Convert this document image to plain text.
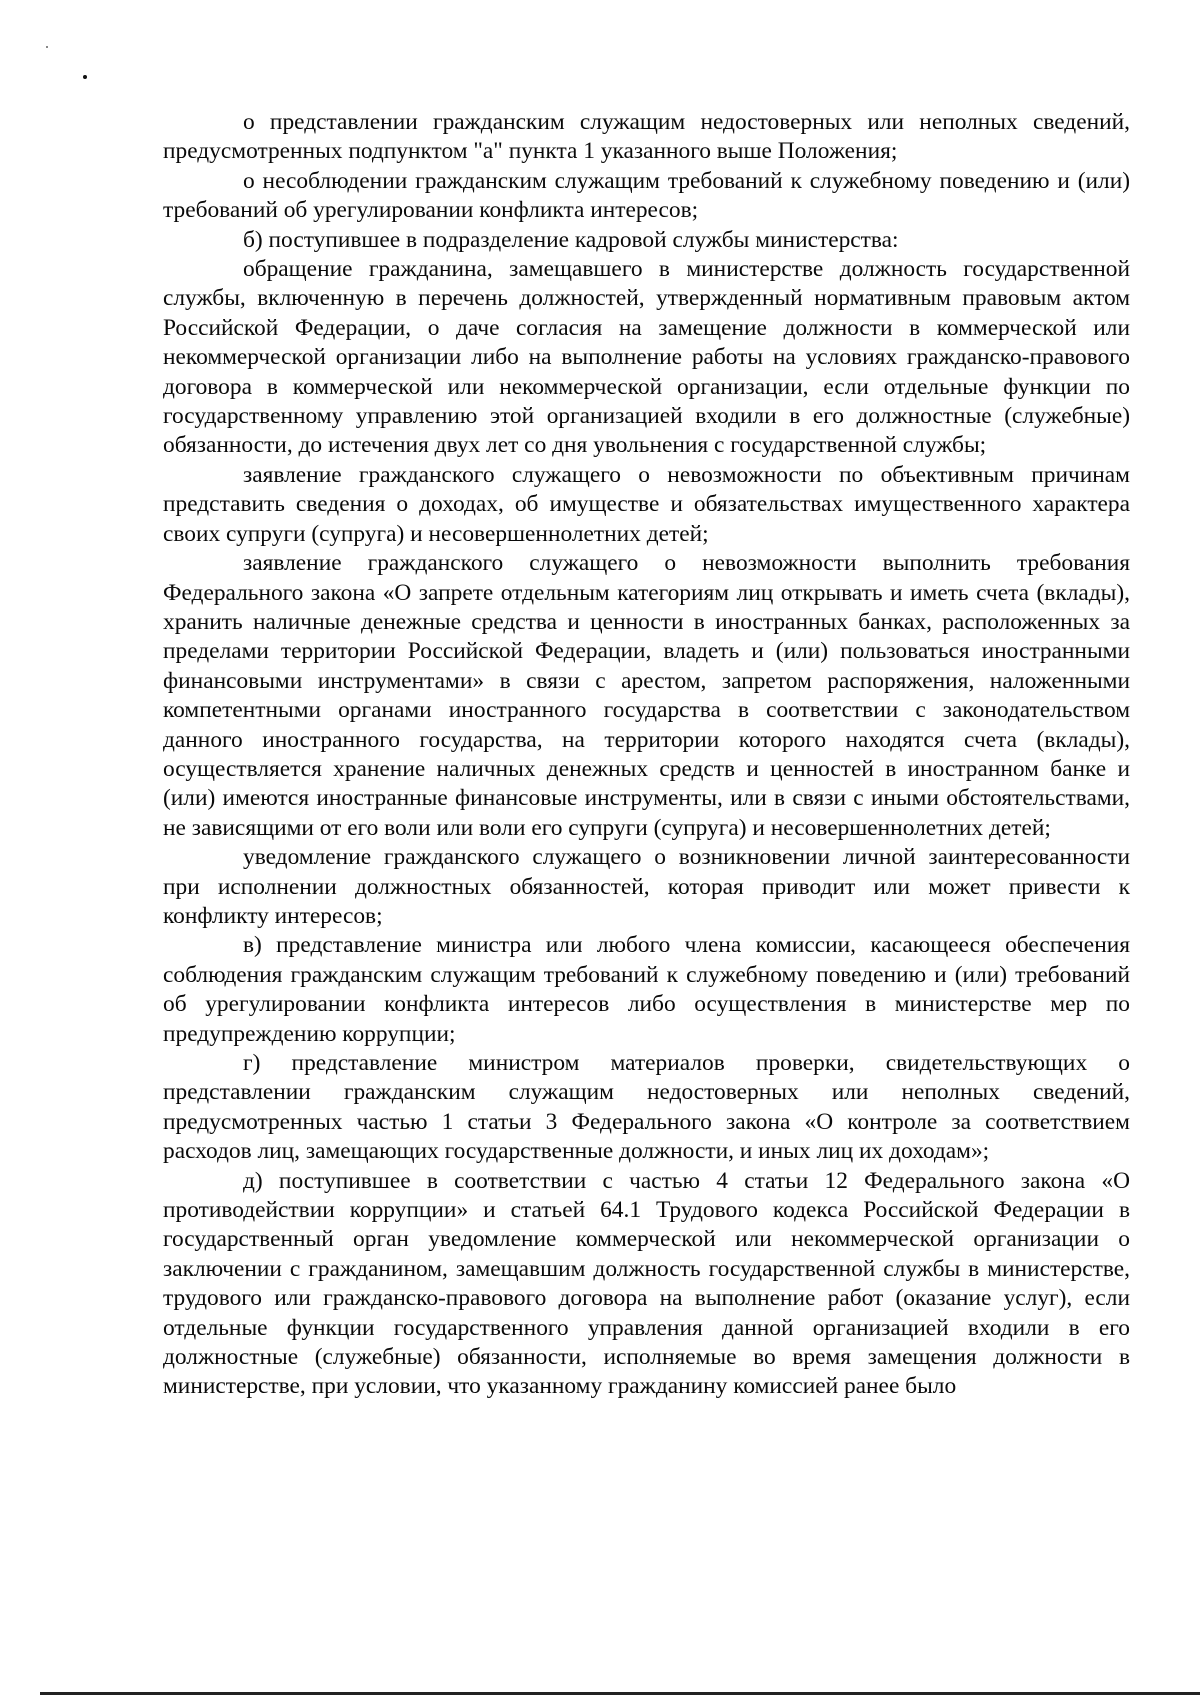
о представлении гражданским служащим недостоверных или неполных сведений, предусмотренных подпунктом "а" пункта 1 указанного выше Положения;

о несоблюдении гражданским служащим требований к служебному поведению и (или) требований об урегулировании конфликта интересов;

б) поступившее в подразделение кадровой службы министерства:

обращение гражданина, замещавшего в министерстве должность государственной службы, включенную в перечень должностей, утвержденный нормативным правовым актом Российской Федерации, о даче согласия на замещение должности в коммерческой или некоммерческой организации либо на выполнение работы на условиях гражданско-правового договора в коммерческой или некоммерческой организации, если отдельные функции по государственному управлению этой организацией входили в его должностные (служебные) обязанности, до истечения двух лет со дня увольнения с государственной службы;

заявление гражданского служащего о невозможности по объективным причинам представить сведения о доходах, об имуществе и обязательствах имущественного характера своих супруги (супруга) и несовершеннолетних детей;

заявление гражданского служащего о невозможности выполнить требования Федерального закона «О запрете отдельным категориям лиц открывать и иметь счета (вклады), хранить наличные денежные средства и ценности в иностранных банках, расположенных за пределами территории Российской Федерации, владеть и (или) пользоваться иностранными финансовыми инструментами» в связи с арестом, запретом распоряжения, наложенными компетентными органами иностранного государства в соответствии с законодательством данного иностранного государства, на территории которого находятся счета (вклады), осуществляется хранение наличных денежных средств и ценностей в иностранном банке и (или) имеются иностранные финансовые инструменты, или в связи с иными обстоятельствами, не зависящими от его воли или воли его супруги (супруга) и несовершеннолетних детей;

уведомление гражданского служащего о возникновении личной заинтересованности при исполнении должностных обязанностей, которая приводит или может привести к конфликту интересов;

в) представление министра или любого члена комиссии, касающееся обеспечения соблюдения гражданским служащим требований к служебному поведению и (или) требований об урегулировании конфликта интересов либо осуществления в министерстве мер по предупреждению коррупции;

г) представление министром материалов проверки, свидетельствующих о представлении гражданским служащим недостоверных или неполных сведений, предусмотренных частью 1 статьи 3 Федерального закона «О контроле за соответствием расходов лиц, замещающих государственные должности, и иных лиц их доходам»;

д) поступившее в соответствии с частью 4 статьи 12 Федерального закона «О противодействии коррупции» и статьей 64.1 Трудового кодекса Российской Федерации в государственный орган уведомление коммерческой или некоммерческой организации о заключении с гражданином, замещавшим должность государственной службы в министерстве, трудового или гражданско-правового договора на выполнение работ (оказание услуг), если отдельные функции государственного управления данной организацией входили в его должностные (служебные) обязанности, исполняемые во время замещения должности в министерстве, при условии, что указанному гражданину комиссией ранее было
